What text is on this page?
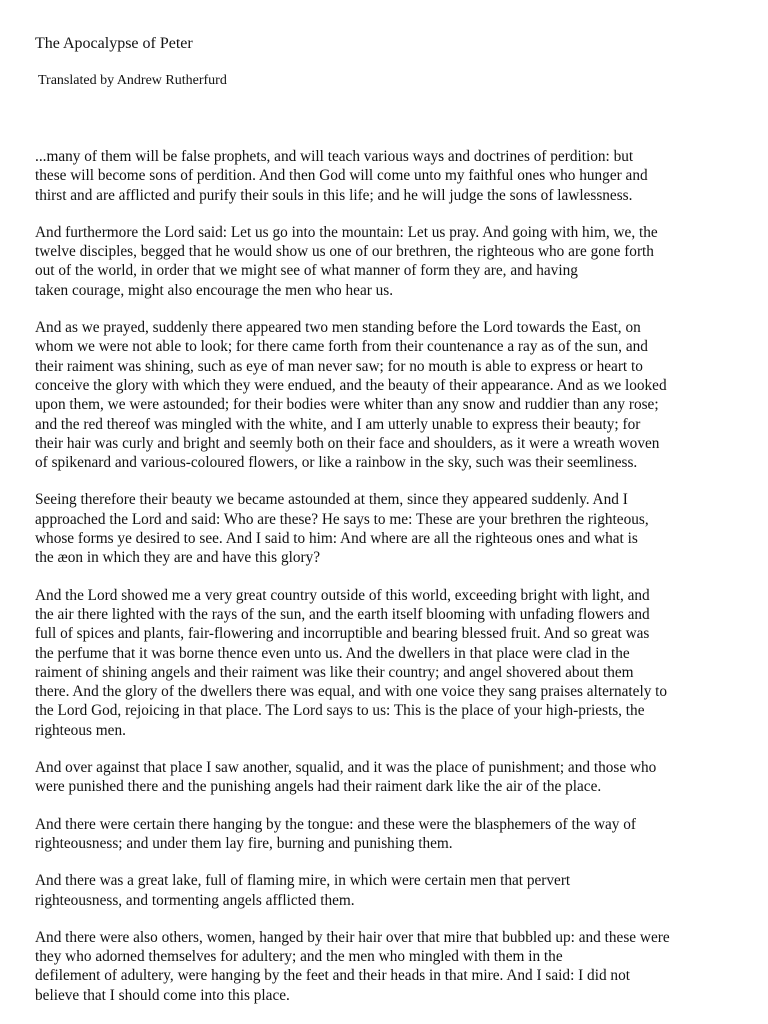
The Apocalypse of Peter

Translated by Andrew Rutherfurd

...many of them will be false prophets, and will teach various ways and doctrines of perdition: but
these will become sons of perdition. And then God will come unto my faithful ones who hunger and
thirst and are afflicted and purify their souls in this life; and he will judge the sons of lawlessness.

And furthermore the Lord said: Let us go into the mountain: Let us pray. And going with him, we, the
twelve disciples, begged that he would show us one of our brethren, the righteous who are gone forth
out of the world, in order that we might see of what manner of form they are, and having
taken courage, might also encourage the men who hear us.

And as we prayed, suddenly there appeared two men standing before the Lord towards the East, on
whom we were not able to look; for there came forth from their countenance a ray as of the sun, and
their raiment was shining, such as eye of man never saw; for no mouth is able to express or heart to
conceive the glory with which they were endued, and the beauty of their appearance. And as we looked
upon them, we were astounded; for their bodies were whiter than any snow and ruddier than any rose;
and the red thereof was mingled with the white, and I am utterly unable to express their beauty; for
their hair was curly and bright and seemly both on their face and shoulders, as it were a wreath woven
of spikenard and various-coloured flowers, or like a rainbow in the sky, such was their seemliness.

Seeing therefore their beauty we became astounded at them, since they appeared suddenly. And I
approached the Lord and said: Who are these? He says to me: These are your brethren the righteous,
whose forms ye desired to see. And I said to him: And where are all the righteous ones and what is
the æon in which they are and have this glory?

And the Lord showed me a very great country outside of this world, exceeding bright with light, and
the air there lighted with the rays of the sun, and the earth itself blooming with unfading flowers and
full of spices and plants, fair-flowering and incorruptible and bearing blessed fruit. And so great was
the perfume that it was borne thence even unto us. And the dwellers in that place were clad in the
raiment of shining angels and their raiment was like their country; and angel shovered about them
there. And the glory of the dwellers there was equal, and with one voice they sang praises alternately to
the Lord God, rejoicing in that place. The Lord says to us: This is the place of your high-priests, the
righteous men.

And over against that place I saw another, squalid, and it was the place of punishment; and those who
were punished there and the punishing angels had their raiment dark like the air of the place.

And there were certain there hanging by the tongue: and these were the blasphemers of the way of
righteousness; and under them lay fire, burning and punishing them.

And there was a great lake, full of flaming mire, in which were certain men that pervert
righteousness, and tormenting angels afflicted them.

And there were also others, women, hanged by their hair over that mire that bubbled up: and these were
they who adorned themselves for adultery; and the men who mingled with them in the
defilement of adultery, were hanging by the feet and their heads in that mire. And I said: I did not
believe that I should come into this place.
